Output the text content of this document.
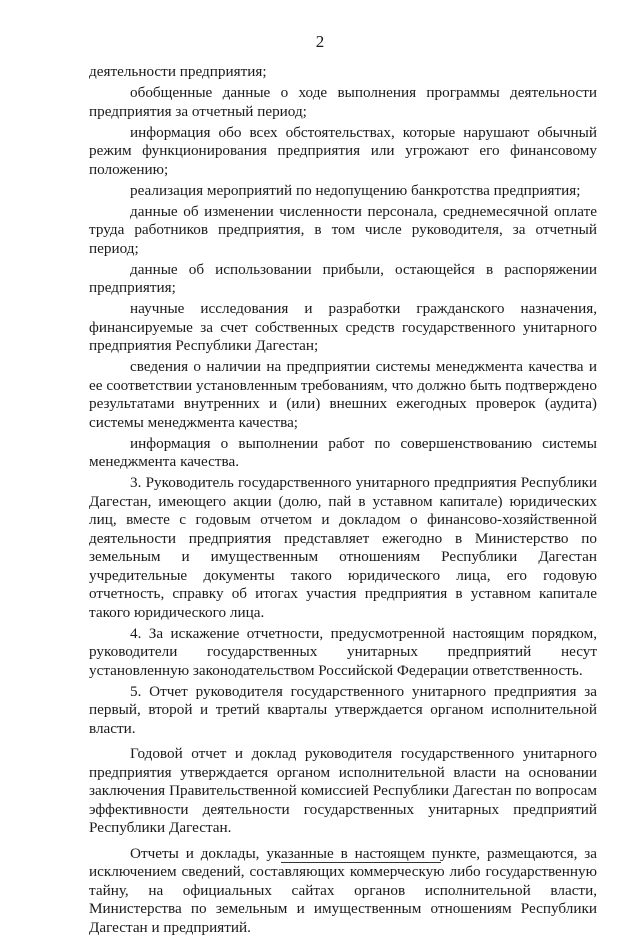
2

деятельности предприятия;

обобщенные данные о ходе выполнения программы деятельности предприятия за отчетный период;

информация обо всех обстоятельствах, которые нарушают обычный режим функционирования предприятия или угрожают его финансовому положению;

реализация мероприятий по недопущению банкротства предприятия;

данные об изменении численности персонала, среднемесячной оплате труда работников предприятия, в том числе руководителя, за отчетный период;

данные об использовании прибыли, остающейся в распоряжении предприятия;

научные исследования и разработки гражданского назначения, финансируемые за счет собственных средств государственного унитарного предприятия Республики Дагестан;

сведения о наличии на предприятии системы менеджмента качества и ее соответствии установленным требованиям, что должно быть подтверждено результатами внутренних и (или) внешних ежегодных проверок (аудита) системы менеджмента качества;

информация о выполнении работ по совершенствованию системы менеджмента качества.

3. Руководитель государственного унитарного предприятия Республики Дагестан, имеющего акции (долю, пай в уставном капитале) юридических лиц, вместе с годовым отчетом и докладом о финансово-хозяйственной деятельности предприятия представляет ежегодно в Министерство по земельным и имущественным отношениям Республики Дагестан учредительные документы такого юридического лица, его годовую отчетность, справку об итогах участия предприятия в уставном капитале такого юридического лица.

4. За искажение отчетности, предусмотренной настоящим порядком, руководители государственных унитарных предприятий несут установленную законодательством Российской Федерации ответственность.

5. Отчет руководителя государственного унитарного предприятия за первый, второй и третий кварталы утверждается органом исполнительной власти.

Годовой отчет и доклад руководителя государственного унитарного предприятия утверждается органом исполнительной власти на основании заключения Правительственной комиссией Республики Дагестан по вопросам эффективности деятельности государственных унитарных предприятий Республики Дагестан.

Отчеты и доклады, указанные в настоящем пункте, размещаются, за исключением сведений, составляющих коммерческую либо государственную тайну, на официальных сайтах органов исполнительной власти, Министерства по земельным и имущественным отношениям Республики Дагестан и предприятий.
